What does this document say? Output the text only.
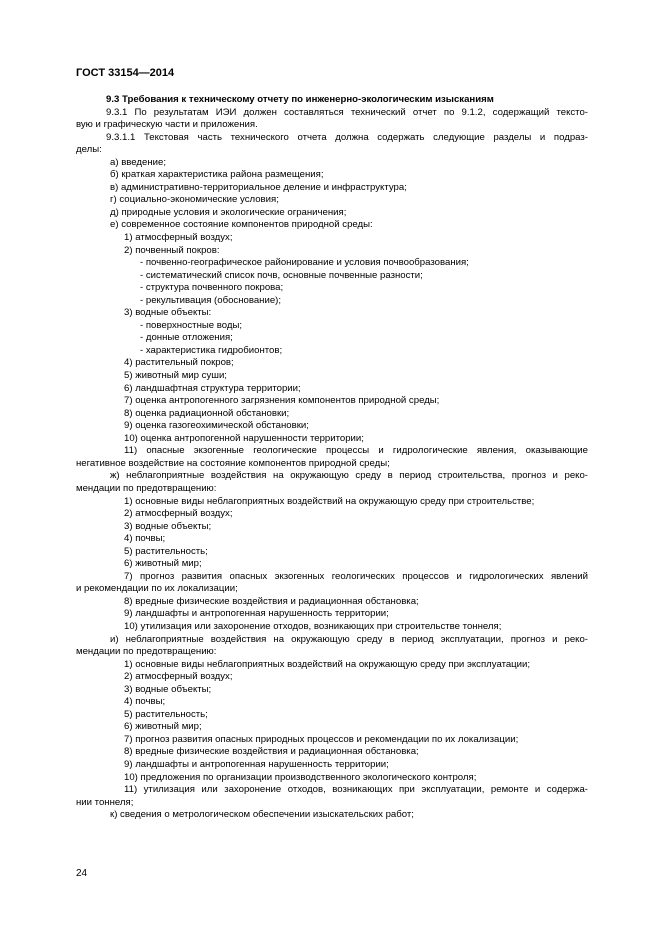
ГОСТ 33154—2014
9.3 Требования к техническому отчету по инженерно-экологическим изысканиям
9.3.1 По результатам ИЭИ должен составляться технический отчет по 9.1.2, содержащий тексто-
вую и графическую части и приложения.
9.3.1.1 Текстовая часть технического отчета должна содержать следующие разделы и подраз-
делы:
а) введение;
б) краткая характеристика района размещения;
в) административно-территориальное деление и инфраструктура;
г) социально-экономические условия;
д) природные условия и экологические ограничения;
е) современное состояние компонентов природной среды:
1) атмосферный воздух;
2) почвенный покров:
- почвенно-географическое районирование и условия почвообразования;
- систематический список почв, основные почвенные разности;
- структура почвенного покрова;
- рекультивация (обоснование);
3) водные объекты:
- поверхностные воды;
- донные отложения;
- характеристика гидробионтов;
4) растительный покров;
5) животный мир суши;
6) ландшафтная структура территории;
7) оценка антропогенного загрязнения компонентов природной среды;
8) оценка радиационной обстановки;
9) оценка газогеохимической обстановки;
10) оценка антропогенной нарушенности территории;
11) опасные экзогенные геологические процессы и гидрологические явления, оказывающие
негативное воздействие на состояние компонентов природной среды;
ж) неблагоприятные воздействия на окружающую среду в период строительства, прогноз и реко-
мендации по предотвращению:
1) основные виды неблагоприятных воздействий на окружающую среду при строительстве;
2) атмосферный воздух;
3) водные объекты;
4) почвы;
5) растительность;
6) животный мир;
7) прогноз развития опасных экзогенных геологических процессов и гидрологических явлений
и рекомендации по их локализации;
8) вредные физические воздействия и радиационная обстановка;
9) ландшафты и антропогенная нарушенность территории;
10) утилизация или захоронение отходов, возникающих при строительстве тоннеля;
и) неблагоприятные воздействия на окружающую среду в период эксплуатации, прогноз и реко-
мендации по предотвращению:
1) основные виды неблагоприятных воздействий на окружающую среду при эксплуатации;
2) атмосферный воздух;
3) водные объекты;
4) почвы;
5) растительность;
6) животный мир;
7) прогноз развития опасных природных процессов и рекомендации по их локализации;
8) вредные физические воздействия и радиационная обстановка;
9) ландшафты и антропогенная нарушенность территории;
10) предложения по организации производственного экологического контроля;
11) утилизация или захоронение отходов, возникающих при эксплуатации, ремонте и содержа-
нии тоннеля;
к) сведения о метрологическом обеспечении изыскательских работ;
24
